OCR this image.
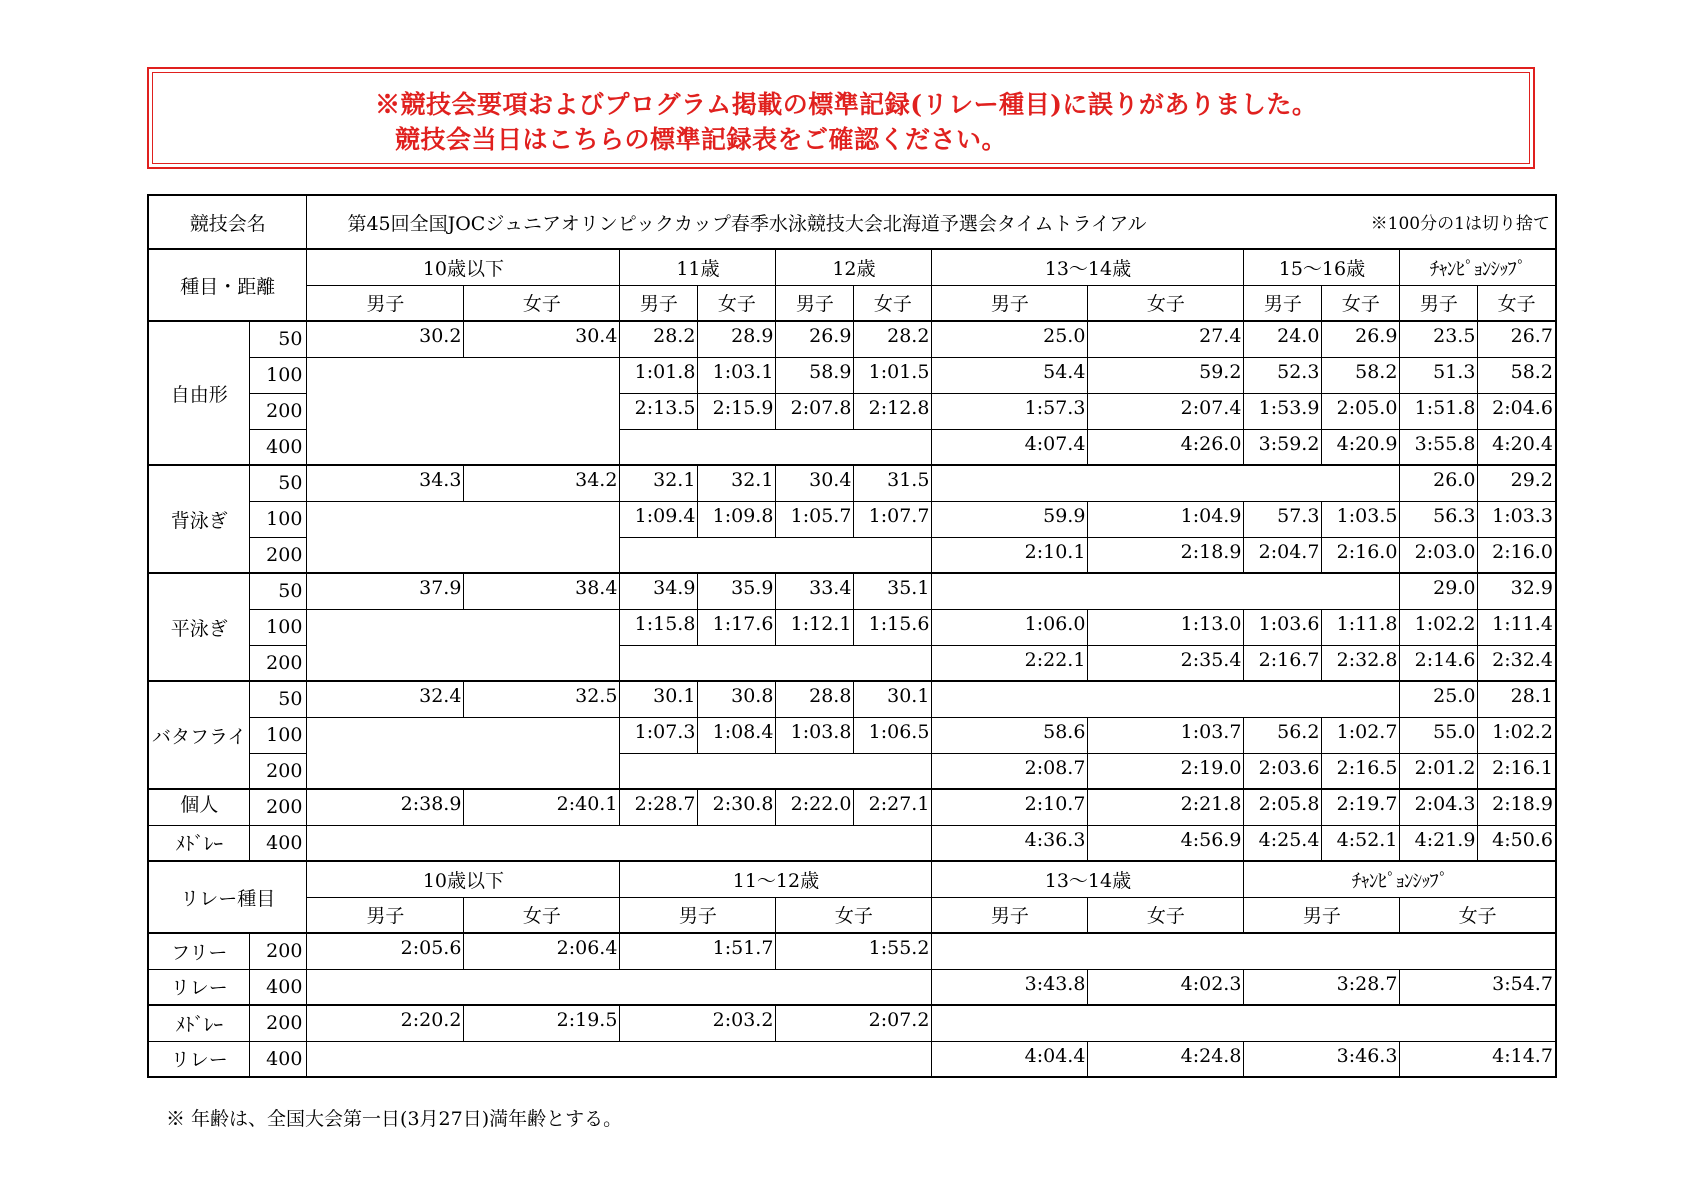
※競技会要項およびプログラム掲載の標準記録(リレー種目)に誤りがありました。
競技会当日はこちらの標準記録表をご確認ください。
競技会名		第45回全国JOCジュニアオリンピックカップ春季水泳競技大会北海道予選会タイムトライアル ※100分の1は切り捨て											

種目・距離		10歳以下		11歳		12歳		13～14歳		15～16歳		ﾁｬﾝﾋﾟｮﾝｼｯﾌﾟ	
		男子	女子	男子	女子	男子	女子	男子	女子	男子	女子	男子	女子
自由形	50	30.2	30.4	28.2	28.9	26.9	28.2	25.0	27.4	24.0	26.9	23.5	26.7
	100			1:01.8	1:03.1	58.9	1:01.5	54.4	59.2	52.3	58.2	51.3	58.2
	200			2:13.5	2:15.9	2:07.8	2:12.8	1:57.3	2:07.4	1:53.9	2:05.0	1:51.8	2:04.6
	400							4:07.4	4:26.0	3:59.2	4:20.9	3:55.8	4:20.4
背泳ぎ	50	34.3	34.2	32.1	32.1	30.4	31.5					26.0	29.2
	100			1:09.4	1:09.8	1:05.7	1:07.7	59.9	1:04.9	57.3	1:03.5	56.3	1:03.3
	200							2:10.1	2:18.9	2:04.7	2:16.0	2:03.0	2:16.0
平泳ぎ	50	37.9	38.4	34.9	35.9	33.4	35.1					29.0	32.9
	100			1:15.8	1:17.6	1:12.1	1:15.6	1:06.0	1:13.0	1:03.6	1:11.8	1:02.2	1:11.4
	200							2:22.1	2:35.4	2:16.7	2:32.8	2:14.6	2:32.4
バタフライ	50	32.4	32.5	30.1	30.8	28.8	30.1					25.0	28.1
	100			1:07.3	1:08.4	1:03.8	1:06.5	58.6	1:03.7	56.2	1:02.7	55.0	1:02.2
	200							2:08.7	2:19.0	2:03.6	2:16.5	2:01.2	2:16.1
個人	200	2:38.9	2:40.1	2:28.7	2:30.8	2:22.0	2:27.1	2:10.7	2:21.8	2:05.8	2:19.7	2:04.3	2:18.9
ﾒﾄﾞﾚｰ	400							4:36.3	4:56.9	4:25.4	4:52.1	4:21.9	4:50.6
リレー種目		10歳以下		11～12歳				13～14歳		ﾁｬﾝﾋﾟｮﾝｼｯﾌﾟ			
		男子	女子	男子		女子		男子	女子	男子		女子	
フリー	200	2:05.6	2:06.4	1:51.7		1:55.2							
リレー	400							3:43.8	4:02.3	3:28.7		3:54.7	
ﾒﾄﾞﾚｰ	200	2:20.2	2:19.5	2:03.2		2:07.2							
リレー	400							4:04.4	4:24.8	3:46.3		4:14.7	
※ 年齢は、全国大会第一日(3月27日)満年齢とする。
